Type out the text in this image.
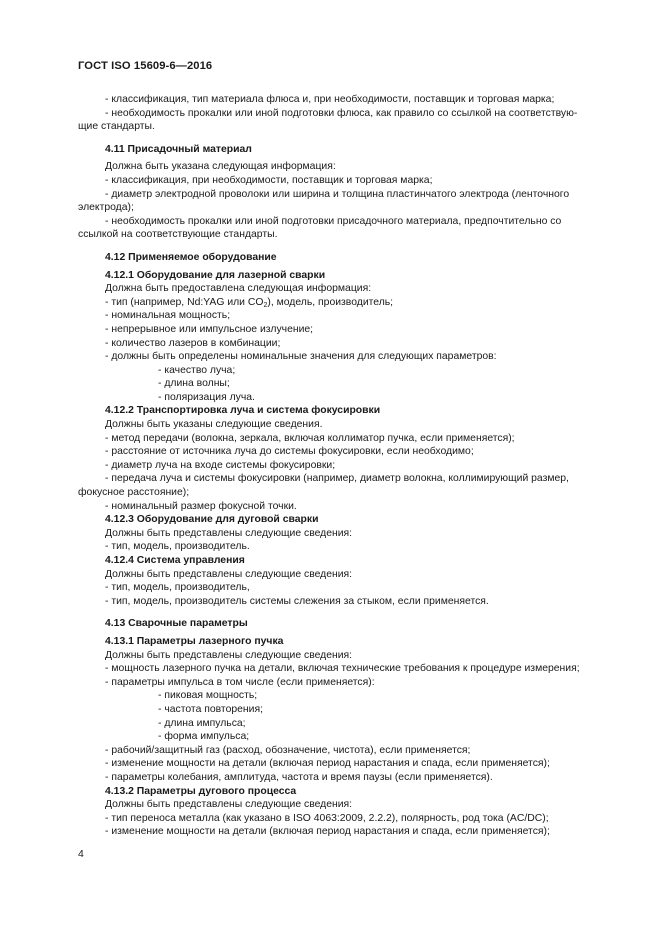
ГОСТ ISO 15609-6—2016

- классификация, тип материала флюса и, при необходимости, поставщик и торговая марка;

- необходимость прокалки или иной подготовки флюса, как правило со ссылкой на соответствую-

щие стандарты.

4.11 Присадочный материал

Должна быть указана следующая информация:

- классификация, при необходимости, поставщик и торговая марка;

- диаметр электродной проволоки или ширина и толщина пластинчатого электрода (ленточного

электрода);

- необходимость прокалки или иной подготовки присадочного материала, предпочтительно со

ссылкой на соответствующие стандарты.

4.12 Применяемое оборудование

4.12.1 Оборудование для лазерной сварки

Должна быть предоставлена следующая информация:

- тип (например, Nd:YAG или $CO_2$), модель, производитель;

- номинальная мощность;

- непрерывное или импульсное излучение;

- количество лазеров в комбинации;

- должны быть определены номинальные значения для следующих параметров:

- качество луча;

- длина волны;

- поляризация луча.

4.12.2 Транспортировка луча и система фокусировки

Должны быть указаны следующие сведения.

- метод передачи (волокна, зеркала, включая коллиматор пучка, если применяется);

- расстояние от источника луча до системы фокусировки, если необходимо;

- диаметр луча на входе системы фокусировки;

- передача луча и системы фокусировки (например, диаметр волокна, коллимирующий размер,

фокусное расстояние);

- номинальный размер фокусной точки.

4.12.3 Оборудование для дуговой сварки

Должны быть представлены следующие сведения:

- тип, модель, производитель.

4.12.4 Система управления

Должны быть представлены следующие сведения:

- тип, модель, производитель,

- тип, модель, производитель системы слежения за стыком, если применяется.

4.13 Сварочные параметры

4.13.1 Параметры лазерного пучка

Должны быть представлены следующие сведения:

- мощность лазерного пучка на детали, включая технические требования к процедуре измерения;

- параметры импульса в том числе (если применяется):

- пиковая мощность;

- частота повторения;

- длина импульса;

- форма импульса;

- рабочий/защитный газ (расход, обозначение, чистота), если применяется;

- изменение мощности на детали (включая период нарастания и спада, если применяется);

- параметры колебания, амплитуда, частота и время паузы (если применяется).

4.13.2 Параметры дугового процесса

Должны быть представлены следующие сведения:

- тип переноса металла (как указано в ISO 4063:2009, 2.2.2), полярность, род тока (AC/DC);

- изменение мощности на детали (включая период нарастания и спада, если применяется);

4
